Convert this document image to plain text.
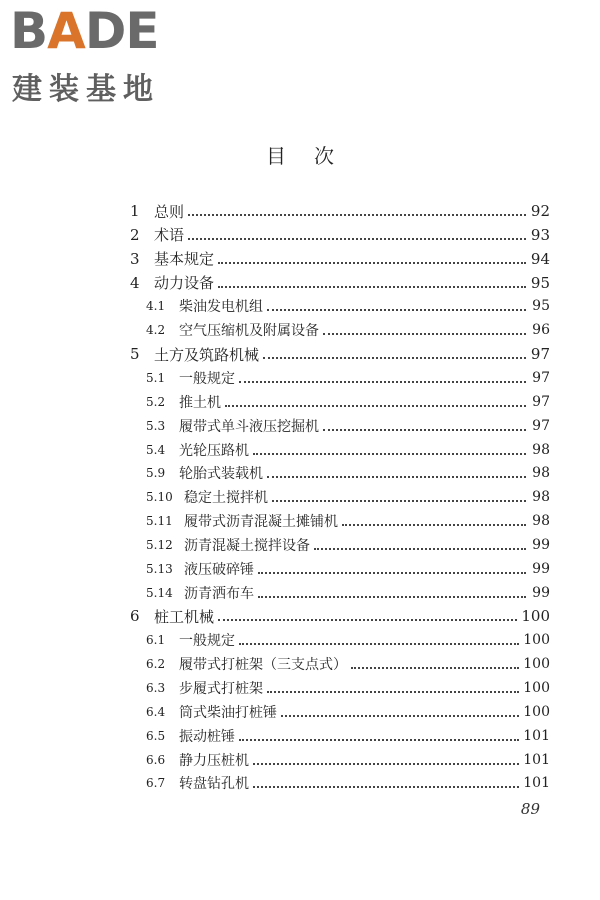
B A DE
建装基地
目次
1 总则	92
2 术语	93
3 基本规定	94
4 动力设备	95
4.1 柴油发电机组	95
4.2 空气压缩机及附属设备	96
5 土方及筑路机械	97
5.1 一般规定	97
5.2 推土机	97
5.3 履带式单斗液压挖掘机	97
5.4 光轮压路机	98
5.9 轮胎式装载机	98
5.10 稳定土搅拌机	98
5.11 履带式沥青混凝土摊铺机	98
5.12 沥青混凝土搅拌设备	99
5.13 液压破碎锤	99
5.14 沥青洒布车	99
6 桩工机械	100
6.1 一般规定	100
6.2 履带式打桩架（三支点式）	100
6.3 步履式打桩架	100
6.4 筒式柴油打桩锤	100
6.5 振动桩锤	101
6.6 静力压桩机	101
6.7 转盘钻孔机	101
89
